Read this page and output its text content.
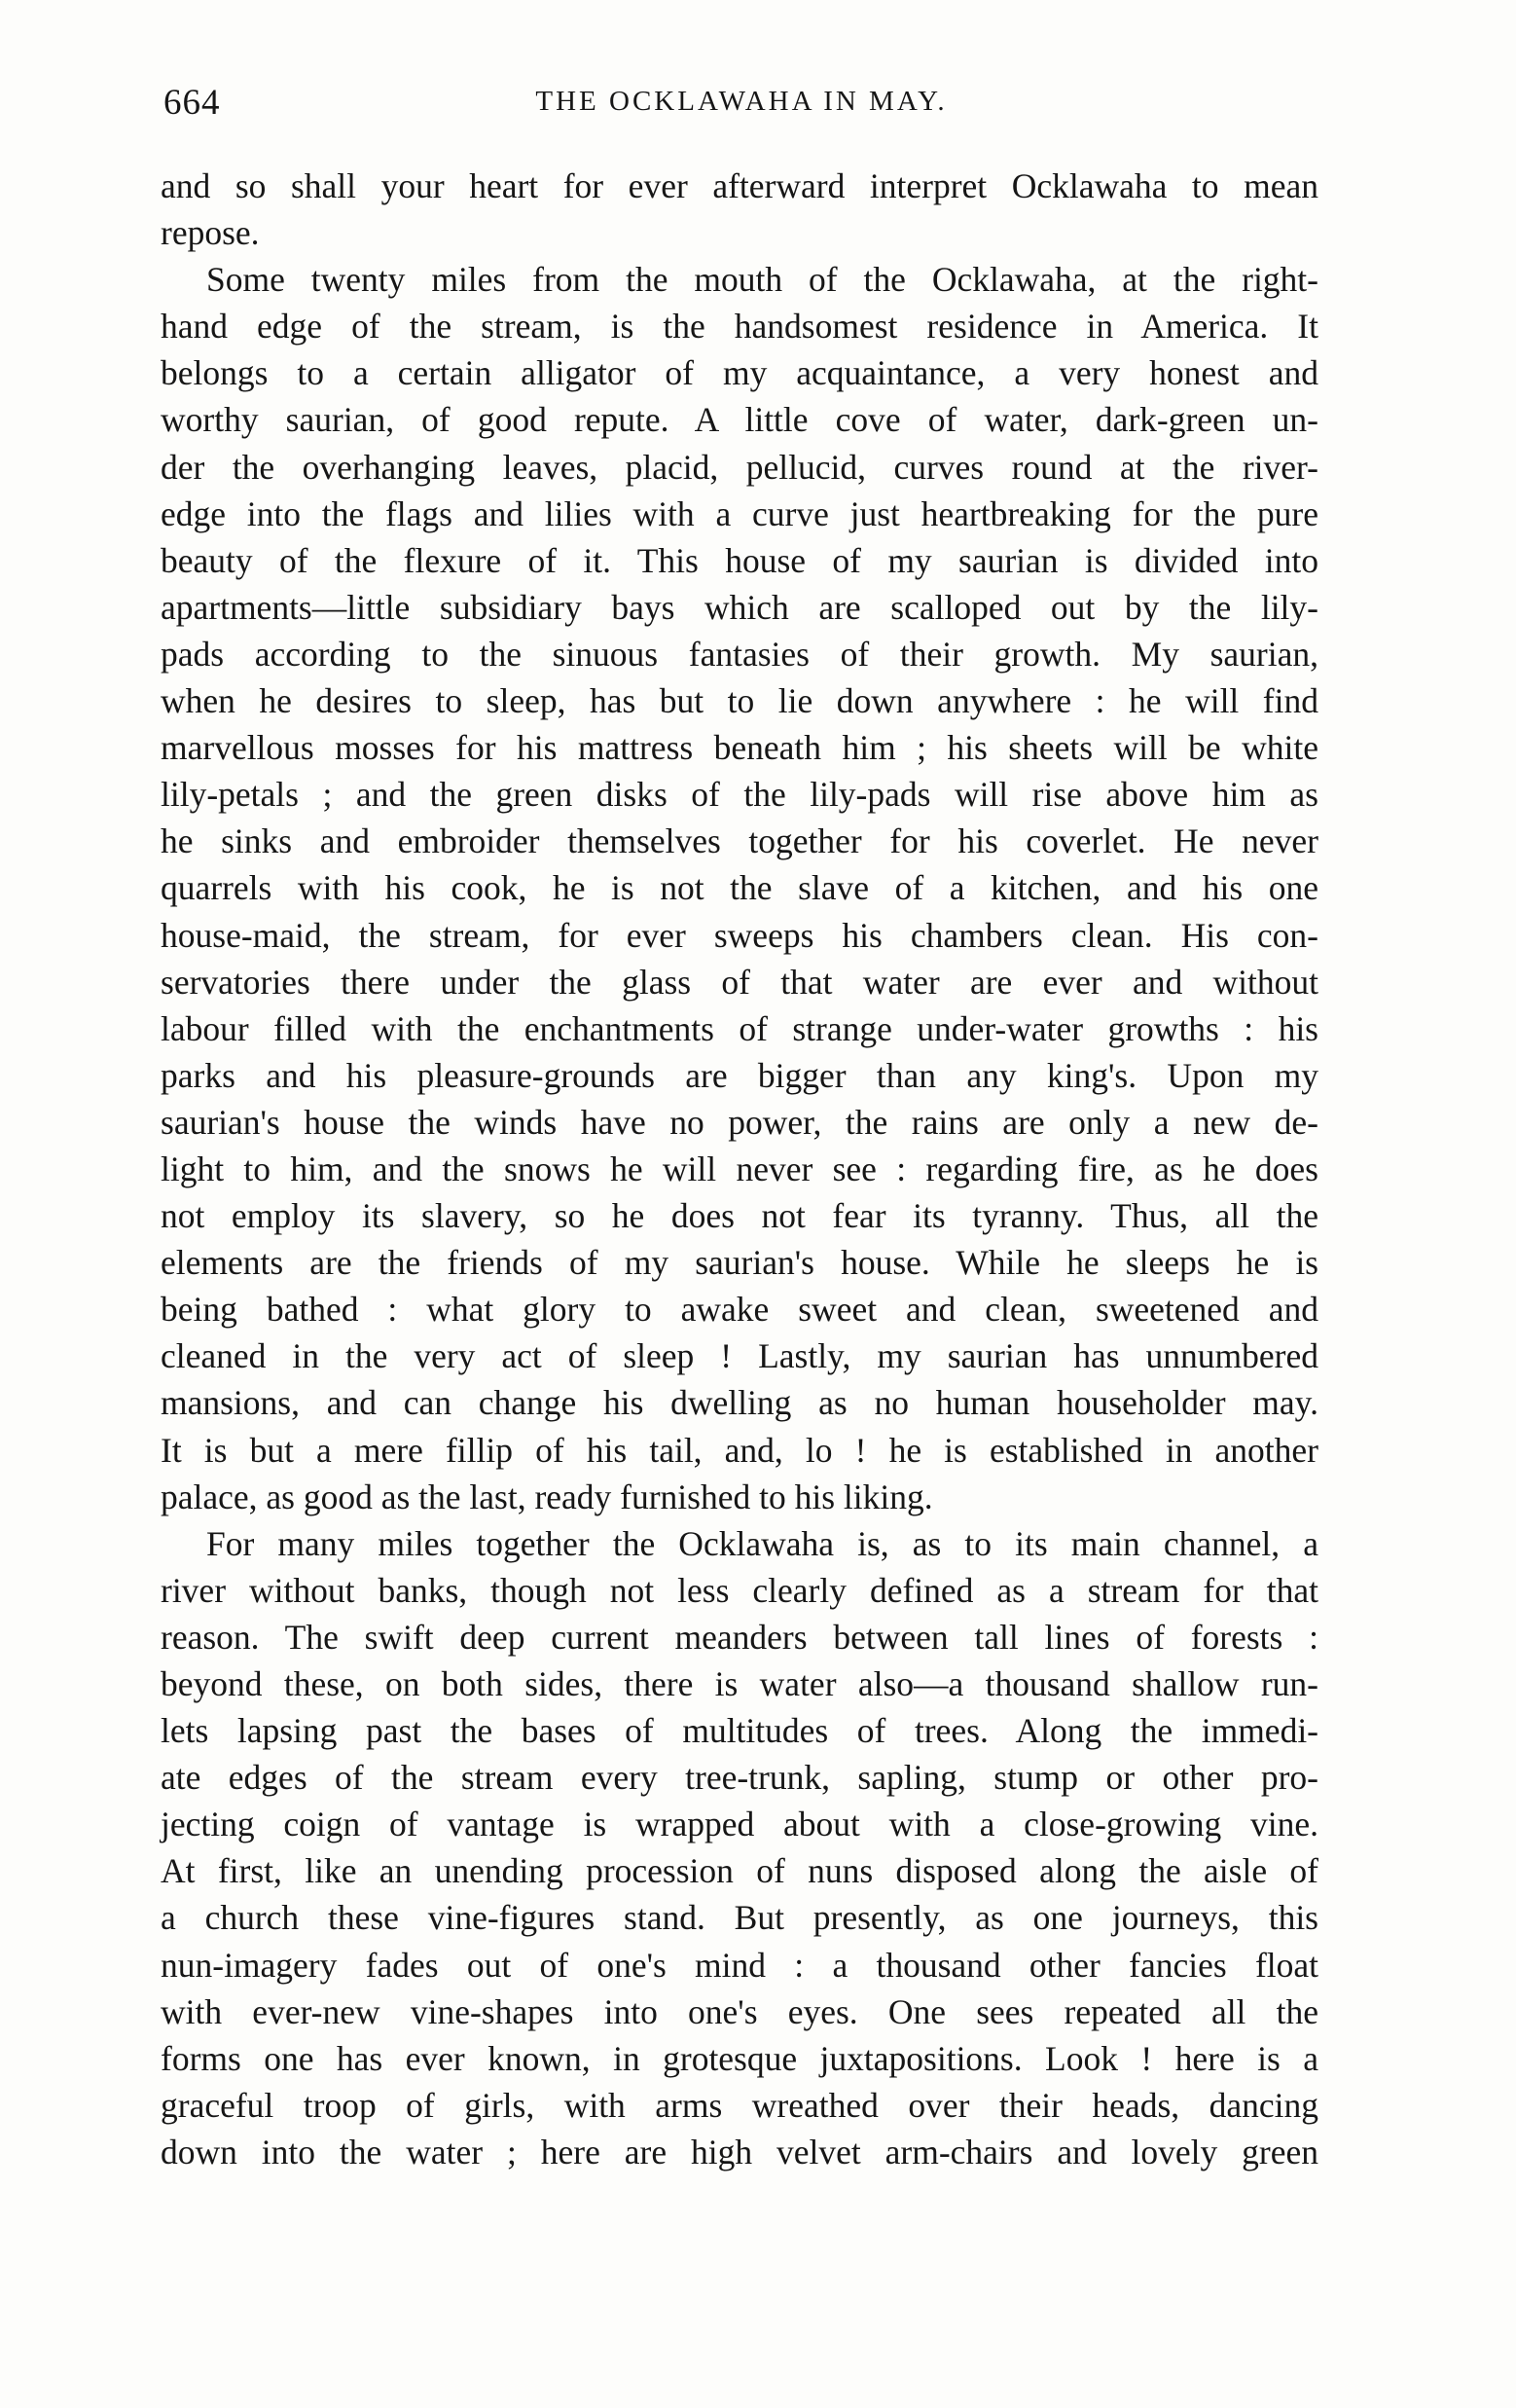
664	THE OCKLAWAHA IN MAY.
and so shall your heart for ever afterward interpret Ocklawaha to mean
repose.
Some twenty miles from the mouth of the Ocklawaha, at the right-
hand edge of the stream, is the handsomest residence in America. It
belongs to a certain alligator of my acquaintance, a very honest and
worthy saurian, of good repute. A little cove of water, dark-green un-
der the overhanging leaves, placid, pellucid, curves round at the river-
edge into the flags and lilies with a curve just heartbreaking for the pure
beauty of the flexure of it. This house of my saurian is divided into
apartments—little subsidiary bays which are scalloped out by the lily-
pads according to the sinuous fantasies of their growth. My saurian,
when he desires to sleep, has but to lie down anywhere : he will find
marvellous mosses for his mattress beneath him ; his sheets will be white
lily-petals ; and the green disks of the lily-pads will rise above him as
he sinks and embroider themselves together for his coverlet. He never
quarrels with his cook, he is not the slave of a kitchen, and his one
house-maid, the stream, for ever sweeps his chambers clean. His con-
servatories there under the glass of that water are ever and without
labour filled with the enchantments of strange under-water growths : his
parks and his pleasure-grounds are bigger than any king's. Upon my
saurian's house the winds have no power, the rains are only a new de-
light to him, and the snows he will never see : regarding fire, as he does
not employ its slavery, so he does not fear its tyranny. Thus, all the
elements are the friends of my saurian's house. While he sleeps he is
being bathed : what glory to awake sweet and clean, sweetened and
cleaned in the very act of sleep ! Lastly, my saurian has unnumbered
mansions, and can change his dwelling as no human householder may.
It is but a mere fillip of his tail, and, lo ! he is established in another
palace, as good as the last, ready furnished to his liking.
For many miles together the Ocklawaha is, as to its main channel, a
river without banks, though not less clearly defined as a stream for that
reason. The swift deep current meanders between tall lines of forests :
beyond these, on both sides, there is water also—a thousand shallow run-
lets lapsing past the bases of multitudes of trees. Along the immedi-
ate edges of the stream every tree-trunk, sapling, stump or other pro-
jecting coign of vantage is wrapped about with a close-growing vine.
At first, like an unending procession of nuns disposed along the aisle of
a church these vine-figures stand. But presently, as one journeys, this
nun-imagery fades out of one's mind : a thousand other fancies float
with ever-new vine-shapes into one's eyes. One sees repeated all the
forms one has ever known, in grotesque juxtapositions. Look ! here is a
graceful troop of girls, with arms wreathed over their heads, dancing
down into the water ; here are high velvet arm-chairs and lovely green
